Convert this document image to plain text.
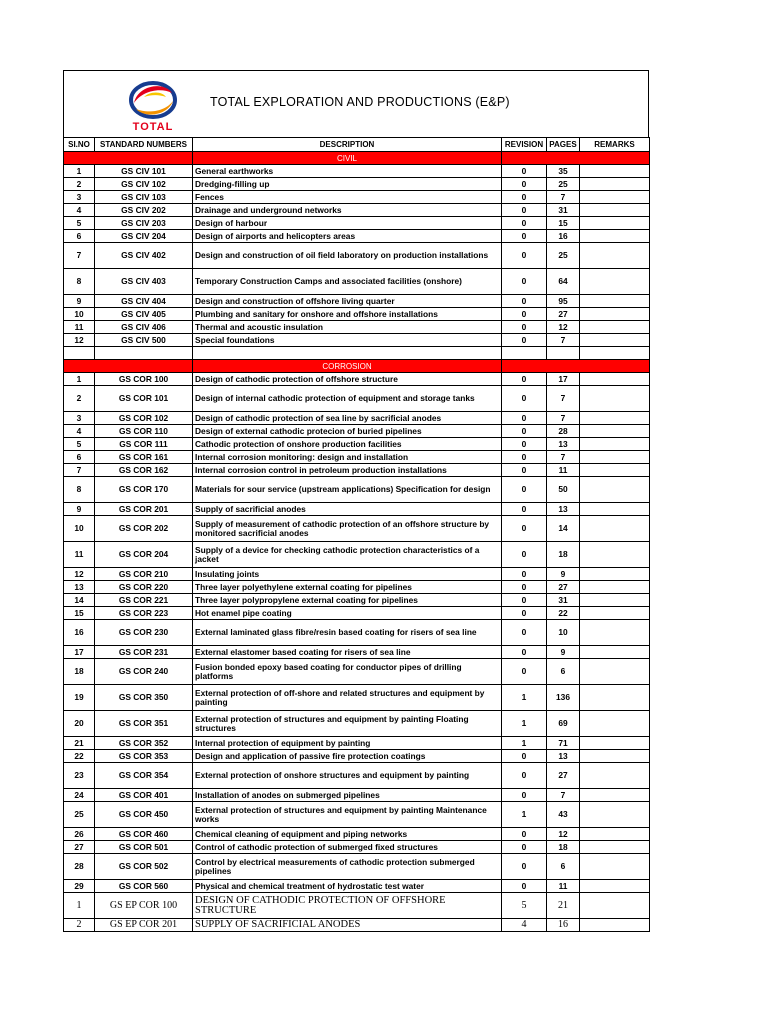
TOTAL
TOTAL EXPLORATION AND PRODUCTIONS (E&P)
SI.NO	STANDARD NUMBERS	DESCRIPTION	REVISION	PAGES	REMARKS
		CIVIL			
1	GS CIV 101	General earthworks	0	35	
2	GS CIV 102	Dredging-filling up	0	25	
3	GS CIV 103	Fences	0	7	
4	GS CIV 202	Drainage and underground networks	0	31	
5	GS CIV 203	Design of harbour	0	15	
6	GS CIV 204	Design of airports and helicopters areas	0	16	
7	GS CIV 402	Design and construction of oil field laboratory on production installations	0	25	
8	GS CIV 403	Temporary Construction Camps and associated facilities (onshore)	0	64	
9	GS CIV 404	Design and construction of offshore living quarter	0	95	
10	GS CIV 405	Plumbing and sanitary for onshore and offshore installations	0	27	
11	GS CIV 406	Thermal and acoustic insulation	0	12	
12	GS CIV 500	Special foundations	0	7	

		CORROSION			
1	GS COR 100	Design of cathodic protection of offshore structure	0	17	
2	GS COR 101	Design of internal cathodic protection of equipment and storage tanks	0	7	
3	GS COR 102	Design of cathodic protection of sea line by sacrificial anodes	0	7	
4	GS COR 110	Design of external cathodic protecion of buried pipelines	0	28	
5	GS COR 111	Cathodic protection of onshore production facilities	0	13	
6	GS COR 161	Internal corrosion monitoring: design and installation	0	7	
7	GS COR 162	Internal corrosion control in petroleum production installations	0	11	
8	GS COR 170	Materials for sour service (upstream applications) Specification for design	0	50	
9	GS COR 201	Supply of sacrificial anodes	0	13	
10	GS COR 202	Supply of measurement of cathodic protection of an offshore structure by monitored sacrificial anodes	0	14	
11	GS COR 204	Supply of a device for checking cathodic protection characteristics of a jacket	0	18	
12	GS COR 210	Insulating joints	0	9	
13	GS COR 220	Three layer polyethylene external coating for pipelines	0	27	
14	GS COR 221	Three layer polypropylene external coating for pipelines	0	31	
15	GS COR 223	Hot enamel pipe coating	0	22	
16	GS COR 230	External laminated glass fibre/resin based coating for risers of sea line	0	10	
17	GS COR 231	External elastomer based coating for risers of sea line	0	9	
18	GS COR 240	Fusion bonded epoxy based coating for conductor pipes of drilling platforms	0	6	
19	GS COR 350	External protection of off-shore and related structures and equipment by painting	1	136	
20	GS COR 351	External protection of structures and equipment by painting Floating structures	1	69	
21	GS COR 352	Internal protection of equipment by painting	1	71	
22	GS COR 353	Design and application of passive fire protection coatings	0	13	
23	GS COR 354	External protection of onshore structures and equipment by painting	0	27	
24	GS COR 401	Installation of anodes on submerged pipelines	0	7	
25	GS COR 450	External protection of structures and equipment by painting Maintenance works	1	43	
26	GS COR 460	Chemical cleaning of equipment and piping networks	0	12	
27	GS COR 501	Control of cathodic protection of submerged fixed structures	0	18	
28	GS COR 502	Control by electrical measurements of cathodic protection submerged pipelines	0	6	
29	GS COR 560	Physical and chemical treatment of hydrostatic test water	0	11	
1	GS EP COR 100	DESIGN OF CATHODIC PROTECTION OF OFFSHORE STRUCTURE	5	21	
2	GS EP COR 201	SUPPLY OF SACRIFICIAL ANODES	4	16	
